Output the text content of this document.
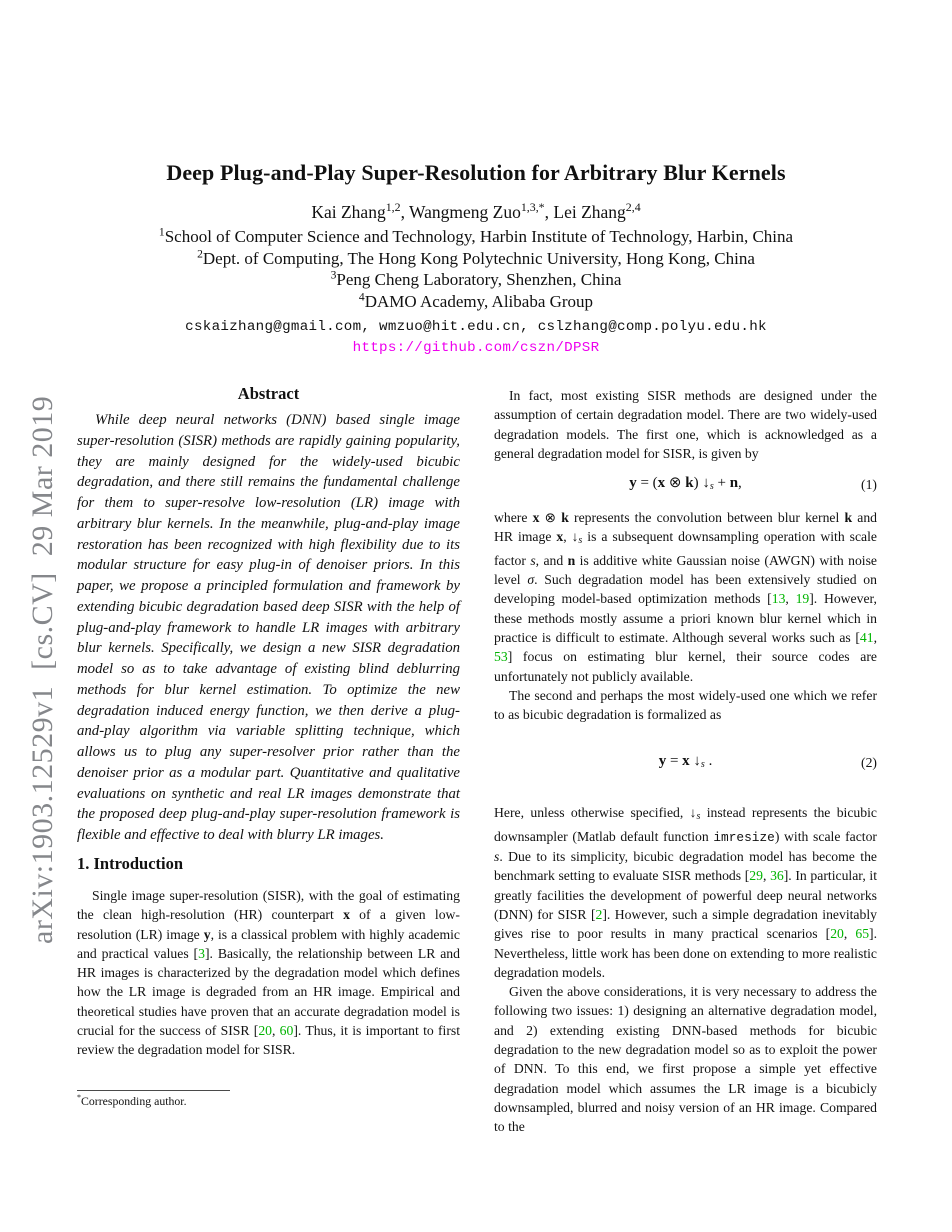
arXiv:1903.12529v1  [cs.CV]  29 Mar 2019
Deep Plug-and-Play Super-Resolution for Arbitrary Blur Kernels
Kai Zhang$^{1,2}$, Wangmeng Zuo$^{1,3,*}$, Lei Zhang$^{2,4}$
$^1$School of Computer Science and Technology, Harbin Institute of Technology, Harbin, China
$^2$Dept. of Computing, The Hong Kong Polytechnic University, Hong Kong, China
$^3$Peng Cheng Laboratory, Shenzhen, China
$^4$DAMO Academy, Alibaba Group
cskaizhang@gmail.com, wmzuo@hit.edu.cn, cslzhang@comp.polyu.edu.hk
https://github.com/cszn/DPSR
Abstract
While deep neural networks (DNN) based single image super-resolution (SISR) methods are rapidly gaining popularity, they are mainly designed for the widely-used bicubic degradation, and there still remains the fundamental challenge for them to super-resolve low-resolution (LR) image with arbitrary blur kernels. In the meanwhile, plug-and-play image restoration has been recognized with high flexibility due to its modular structure for easy plug-in of denoiser priors. In this paper, we propose a principled formulation and framework by extending bicubic degradation based deep SISR with the help of plug-and-play framework to handle LR images with arbitrary blur kernels. Specifically, we design a new SISR degradation model so as to take advantage of existing blind deblurring methods for blur kernel estimation. To optimize the new degradation induced energy function, we then derive a plug-and-play algorithm via variable splitting technique, which allows us to plug any super-resolver prior rather than the denoiser prior as a modular part. Quantitative and qualitative evaluations on synthetic and real LR images demonstrate that the proposed deep plug-and-play super-resolution framework is flexible and effective to deal with blurry LR images.
1. Introduction
Single image super-resolution (SISR), with the goal of estimating the clean high-resolution (HR) counterpart x of a given low-resolution (LR) image y, is a classical problem with highly academic and practical values [3]. Basically, the relationship between LR and HR images is characterized by the degradation model which defines how the LR image is degraded from an HR image. Empirical and theoretical studies have proven that an accurate degradation model is crucial for the success of SISR [20, 60]. Thus, it is important to first review the degradation model for SISR.
*Corresponding author.

In fact, most existing SISR methods are designed under the assumption of certain degradation model. There are two widely-used degradation models. The first one, which is acknowledged as a general degradation model for SISR, is given by

y = (x ⊗ k) ↓s + n,	(1)

where x ⊗ k represents the convolution between blur kernel k and HR image x, ↓s is a subsequent downsampling operation with scale factor s, and n is additive white Gaussian noise (AWGN) with noise level σ. Such degradation model has been extensively studied on developing model-based optimization methods [13, 19]. However, these methods mostly assume a priori known blur kernel which in practice is difficult to estimate. Although several works such as [41, 53] focus on estimating blur kernel, their source codes are unfortunately not publicly available.

The second and perhaps the most widely-used one which we refer to as bicubic degradation is formalized as

y = x ↓s .	(2)

Here, unless otherwise specified, ↓s instead represents the bicubic downsampler (Matlab default function imresize) with scale factor s. Due to its simplicity, bicubic degradation model has become the benchmark setting to evaluate SISR methods [29, 36]. In particular, it greatly facilities the development of powerful deep neural networks (DNN) for SISR [2]. However, such a simple degradation inevitably gives rise to poor results in many practical scenarios [20, 65]. Nevertheless, little work has been done on extending to more realistic degradation models.

Given the above considerations, it is very necessary to address the following two issues: 1) designing an alternative degradation model, and 2) extending existing DNN-based methods for bicubic degradation to the new degradation model so as to exploit the power of DNN. To this end, we first propose a simple yet effective degradation model which assumes the LR image is a bicubicly downsampled, blurred and noisy version of an HR image. Compared to the
